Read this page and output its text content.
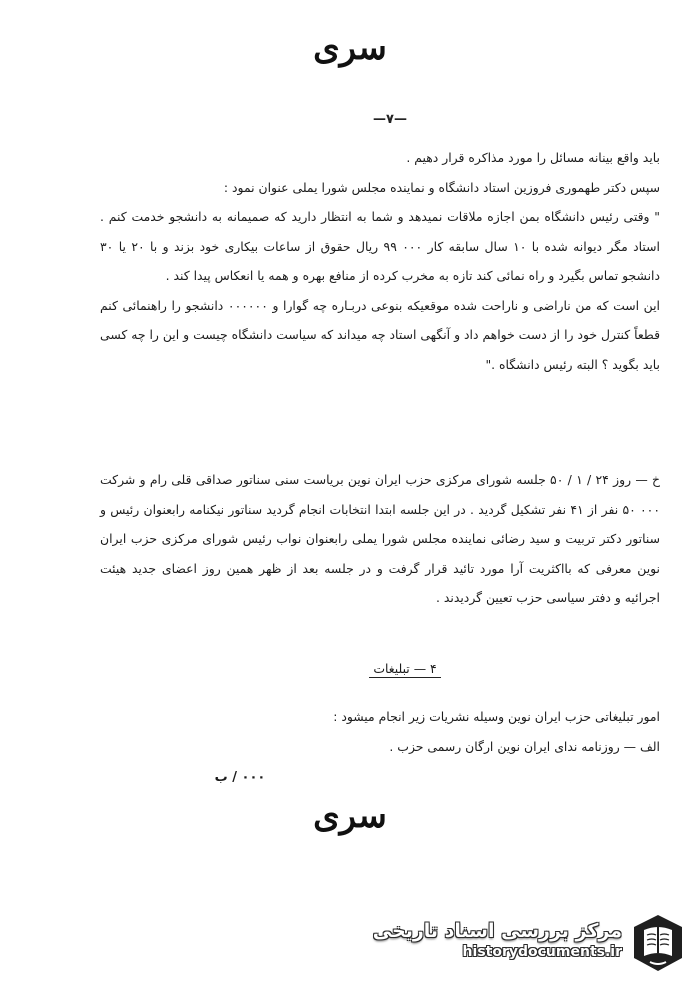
سری
—۷—

باید واقع بینانه مسائل را مورد مذاکره قرار دهیم .

سپس دکتر طهموری فروزین استاد دانشگاه و نماینده مجلس شورا یملی عنوان نمود :

" وقتی رئیس دانشگاه بمن اجازه ملاقات نمیدهد و شما به انتظار دارید که صمیمانه به دانشجو خدمت کنم . استاد مگر دیوانه شده با ۱۰ سال سابقه کار ۰۰۰ ۹۹ ریال حقوق از ساعات بیکاری خود بزند و با ۲۰ یا ۳۰ دانشجو تماس بگیرد و راه نمائی کند تازه به مخرب کرده از منافع بهره و همه یا انعکاس پیدا کند .

این است که من ناراضی و ناراحت شده موقعیکه بنوعی دربـاره چه گوارا و ۰۰۰۰۰۰ دانشجو را راهنمائی کنم قطعاً کنترل خود را از دست خواهم داد و آنگهی استاد چه میداند که سیاست دانشگاه چیست و این را چه کسی باید بگوید ؟ البته رئیس دانشگاه ."

خ — روز ۲۴ / ۱ / ۵۰ جلسه شورای مرکزی حزب ایران نوین بریاست سنی سناتور صداقی قلی رام و شرکت ۰۰۰ ۵۰ نفر از ۴۱ نفر تشکیل گردید . در این جلسه ابتدا انتخابات انجام گردید سناتور نیکنامه رابعنوان رئیس و سناتور دکتر تربیت و سید رضائی نماینده مجلس شورا یملی رابعنوان نواب رئیس شورای مرکزی حزب ایران نوین معرفی که بااکثریت آرا مورد تائید قرار گرفت و در جلسه بعد از ظهر همین روز اعضای جدید هیئت اجرائیه و دفتر سیاسی حزب تعیین گردیدند .

۴ — تبلیغات

امور تبلیغاتی حزب ایران نوین وسیله نشریات زیر انجام میشود :

الف — روزنامه ندای ایران نوین ارگان رسمی حزب .

۰۰۰ / ب
سری
مرکز بررسی اسناد تاریخی
historydocuments.ir
